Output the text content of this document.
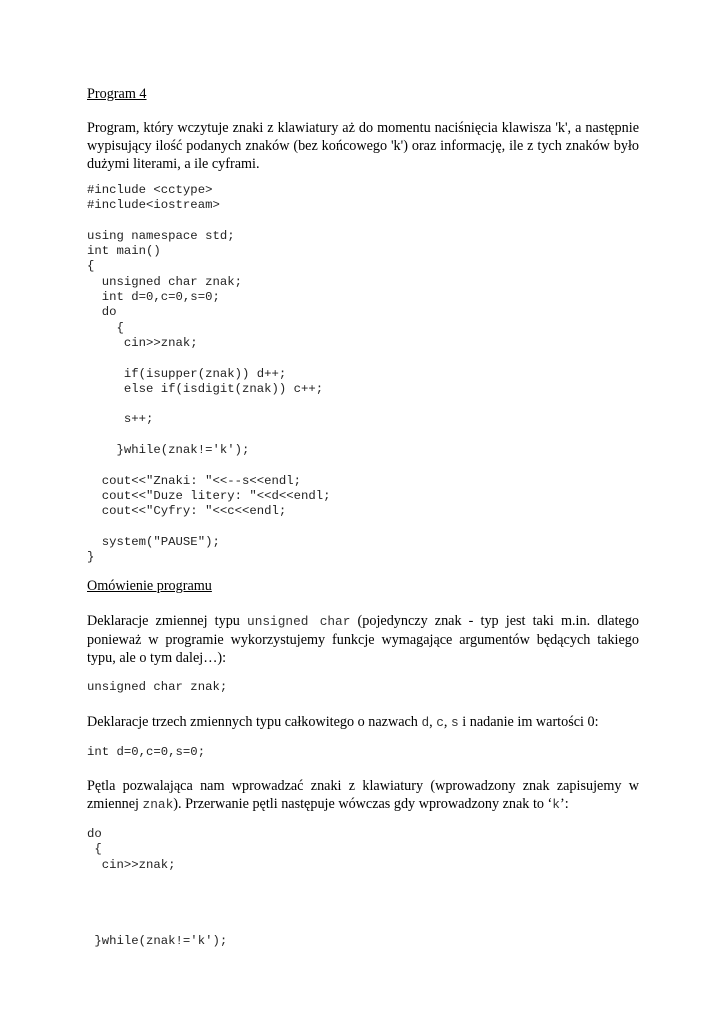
Program 4
Program, który wczytuje znaki z klawiatury aż do momentu naciśnięcia klawisza 'k', a następnie wypisujący ilość podanych znaków (bez końcowego 'k') oraz informację, ile z tych znaków było dużymi literami, a ile cyframi.
#include <cctype>
#include<iostream>
using namespace std;
int main()
{
unsigned char znak;
int d=0,c=0,s=0;
do
{
cin>>znak;
if(isupper(znak)) d++;
else if(isdigit(znak)) c++;
s++;
}while(znak!='k');
cout<<"Znaki: "<<--s<<endl;
cout<<"Duze litery: "<<d<<endl;
cout<<"Cyfry: "<<c<<endl;
system("PAUSE");
}
Omówienie programu
Deklaracje zmiennej typu unsigned char (pojedynczy znak - typ jest taki m.in. dlatego ponieważ w programie wykorzystujemy funkcje wymagające argumentów będących takiego typu, ale o tym dalej…):
unsigned char znak;
Deklaracje trzech zmiennych typu całkowitego o nazwach d, c, s i nadanie im wartości 0:
int d=0,c=0,s=0;
Pętla pozwalająca nam wprowadzać znaki z klawiatury (wprowadzony znak zapisujemy w zmiennej znak). Przerwanie pętli następuje wówczas gdy wprowadzony znak to ‘k’:
do
{
cin>>znak;
}while(znak!='k');
